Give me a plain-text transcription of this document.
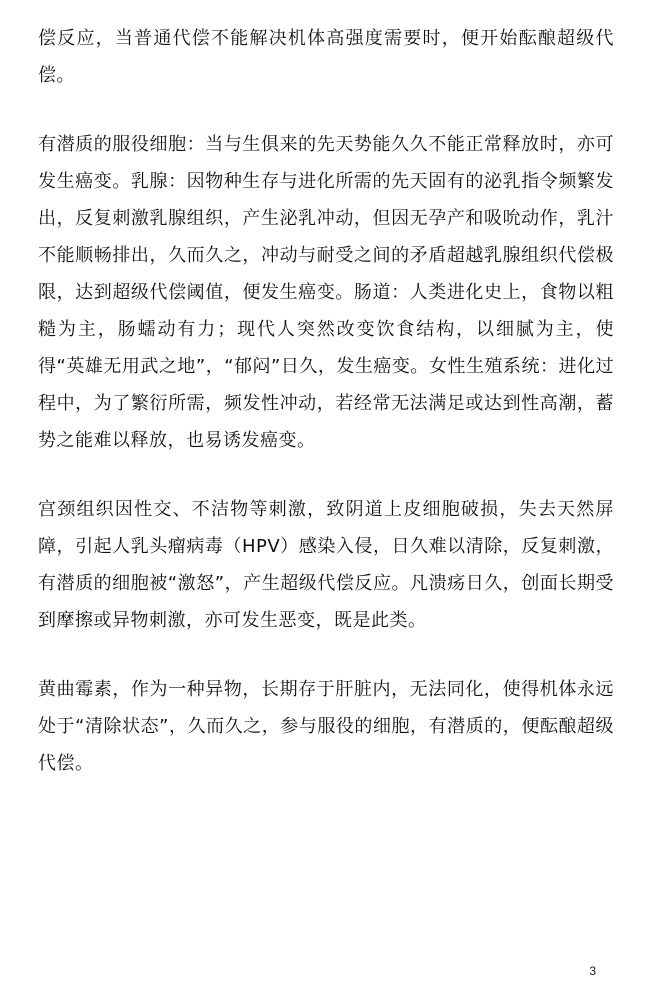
偿反应，当普通代偿不能解决机体高强度需要时，便开始酝酿超级代偿。

有潜质的服役细胞：当与生俱来的先天势能久久不能正常释放时，亦可发生癌变。乳腺：因物种生存与进化所需的先天固有的泌乳指令频繁发出，反复刺激乳腺组织，产生泌乳冲动，但因无孕产和吸吮动作，乳汁不能顺畅排出，久而久之，冲动与耐受之间的矛盾超越乳腺组织代偿极限，达到超级代偿阈值，便发生癌变。肠道：人类进化史上，食物以粗糙为主，肠蠕动有力；现代人突然改变饮食结构，以细腻为主，使得“英雄无用武之地”，“郁闷”日久，发生癌变。女性生殖系统：进化过程中，为了繁衍所需，频发性冲动，若经常无法满足或达到性高潮，蓄势之能难以释放，也易诱发癌变。

宫颈组织因性交、不洁物等刺激，致阴道上皮细胞破损，失去天然屏障，引起人乳头瘤病毒（HPV）感染入侵，日久难以清除，反复刺激，有潜质的细胞被“激怒”，产生超级代偿反应。凡溃疡日久，创面长期受到摩擦或异物刺激，亦可发生恶变，既是此类。

黄曲霉素，作为一种异物，长期存于肝脏内，无法同化，使得机体永远处于“清除状态”，久而久之，参与服役的细胞，有潜质的，便酝酿超级代偿。

3
